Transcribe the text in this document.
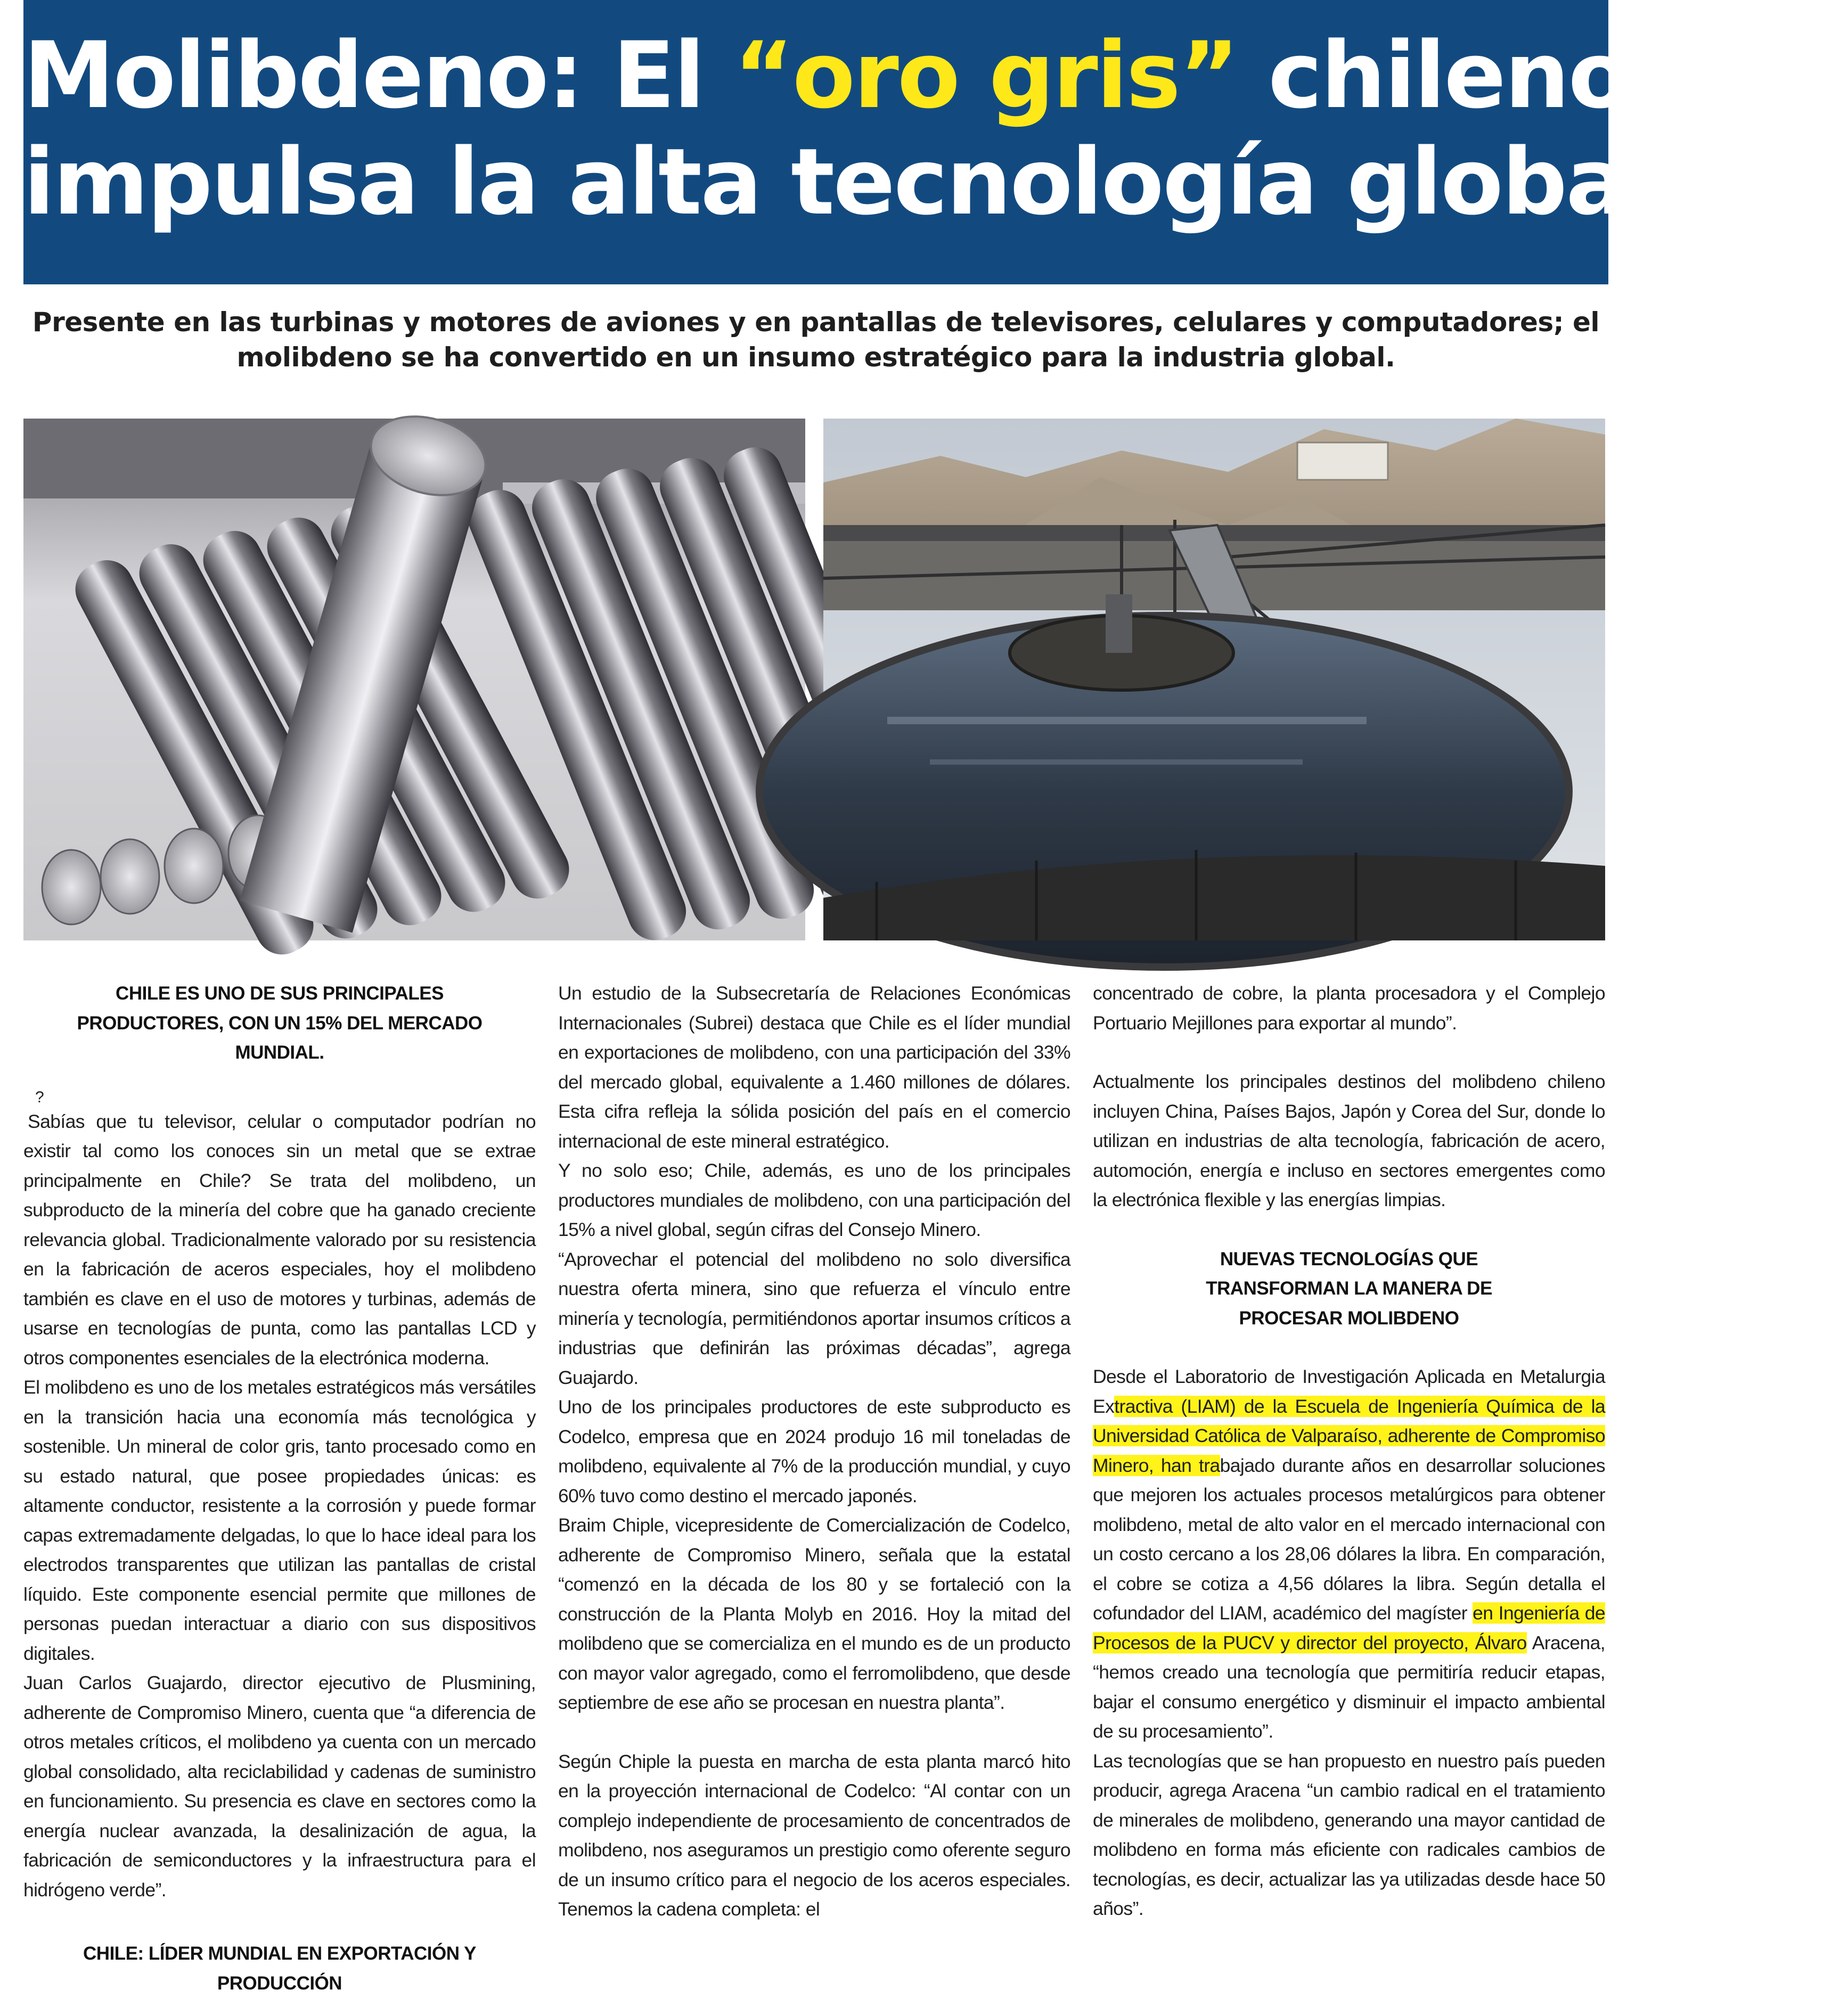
Molibdeno: El “oro gris” chileno que
impulsa la alta tecnología global

Presente en las turbinas y motores de aviones y en pantallas de televisores, celulares y computadores; el molibdeno se ha convertido en un insumo estratégico para la industria global.

CHILE ES UNO DE SUS PRINCIPALES PRODUCTORES, CON UN 15% DEL MERCADO MUNDIAL.
?

Sabías que tu televisor, celular o computador podrían no existir tal como los conoces sin un metal que se extrae principalmente en Chile? Se trata del molibdeno, un subproducto de la minería del cobre que ha ganado creciente relevancia global. Tradicionalmente valorado por su resistencia en la fabricación de aceros especiales, hoy el molibdeno también es clave en el uso de motores y turbinas, además de usarse en tecnologías de punta, como las pantallas LCD y otros componentes esenciales de la electrónica moderna.

El molibdeno es uno de los metales estratégicos más versátiles en la transición hacia una economía más tecnológica y sostenible. Un mineral de color gris, tanto procesado como en su estado natural, que posee propiedades únicas: es altamente conductor, resistente a la corrosión y puede formar capas extremadamente delgadas, lo que lo hace ideal para los electrodos transparentes que utilizan las pantallas de cristal líquido. Este componente esencial permite que millones de personas puedan interactuar a diario con sus dispositivos digitales.

Juan Carlos Guajardo, director ejecutivo de Plusmining, adherente de Compromiso Minero, cuenta que “a diferencia de otros metales críticos, el molibdeno ya cuenta con un mercado global consolidado, alta reciclabilidad y cadenas de suministro en funcionamiento. Su presencia es clave en sectores como la energía nuclear avanzada, la desalinización de agua, la fabricación de semiconductores y la infraestructura para el hidrógeno verde”.

CHILE: LÍDER MUNDIAL EN EXPORTACIÓN Y PRODUCCIÓN

Un estudio de la Subsecretaría de Relaciones Económicas Internacionales (Subrei) destaca que Chile es el líder mundial en exportaciones de molibdeno, con una participación del 33% del mercado global, equivalente a 1.460 millones de dólares. Esta cifra refleja la sólida posición del país en el comercio internacional de este mineral estratégico.

Y no solo eso; Chile, además, es uno de los principales productores mundiales de molibdeno, con una participación del 15% a nivel global, según cifras del Consejo Minero.

“Aprovechar el potencial del molibdeno no solo diversifica nuestra oferta minera, sino que refuerza el vínculo entre minería y tecnología, permitiéndonos aportar insumos críticos a industrias que definirán las próximas décadas”, agrega Guajardo.

Uno de los principales productores de este subproducto es Codelco, empresa que en 2024 produjo 16 mil toneladas de molibdeno, equivalente al 7% de la producción mundial, y cuyo 60% tuvo como destino el mercado japonés.

Braim Chiple, vicepresidente de Comercialización de Codelco, adherente de Compromiso Minero, señala que la estatal “comenzó en la década de los 80 y se fortaleció con la construcción de la Planta Molyb en 2016. Hoy la mitad del molibdeno que se comercializa en el mundo es de un producto con mayor valor agregado, como el ferromolibdeno, que desde septiembre de ese año se procesan en nuestra planta”.

Según Chiple la puesta en marcha de esta planta marcó hito en la proyección internacional de Codelco: “Al contar con un complejo independiente de procesamiento de concentrados de molibdeno, nos aseguramos un prestigio como oferente seguro de un insumo crítico para el negocio de los aceros especiales. Tenemos la cadena completa: el

concentrado de cobre, la planta procesadora y el Complejo Portuario Mejillones para exportar al mundo”.

Actualmente los principales destinos del molibdeno chileno incluyen China, Países Bajos, Japón y Corea del Sur, donde lo utilizan en industrias de alta tecnología, fabricación de acero, automoción, energía e incluso en sectores emergentes como la electrónica flexible y las energías limpias.

NUEVAS TECNOLOGÍAS QUE TRANSFORMAN LA MANERA DE PROCESAR MOLIBDENO

Desde el Laboratorio de Investigación Aplicada en Metalurgia Extractiva (LIAM) de la Escuela de Ingeniería Química de la Universidad Católica de Valparaíso, adherente de Compromiso Minero, han trabajado durante años en desarrollar soluciones que mejoren los actuales procesos metalúrgicos para obtener molibdeno, metal de alto valor en el mercado internacional con un costo cercano a los 28,06 dólares la libra. En comparación, el cobre se cotiza a 4,56 dólares la libra. Según detalla el cofundador del LIAM, académico del magíster en Ingeniería de Procesos de la PUCV y director del proyecto, Álvaro Aracena, “hemos creado una tecnología que permitiría reducir etapas, bajar el consumo energético y disminuir el impacto ambiental de su procesamiento”.

Las tecnologías que se han propuesto en nuestro país pueden producir, agrega Aracena “un cambio radical en el tratamiento de minerales de molibdeno, generando una mayor cantidad de molibdeno en forma más eficiente con radicales cambios de tecnologías, es decir, actualizar las ya utilizadas desde hace 50 años”.
